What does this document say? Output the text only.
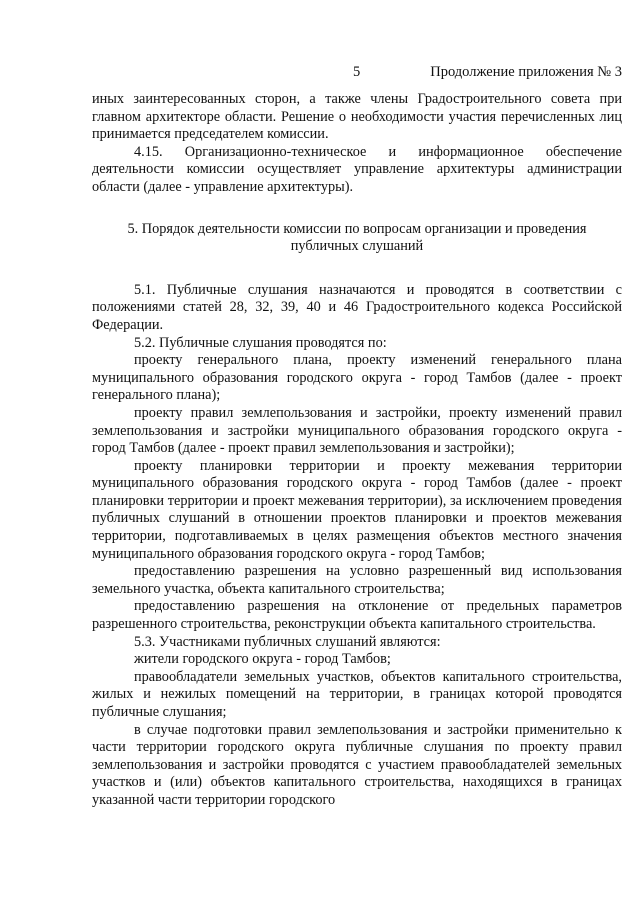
5	Продолжение приложения № 3

иных заинтересованных сторон, а также члены Градостроительного совета при главном архитекторе области. Решение о необходимости участия перечисленных лиц принимается председателем комиссии.

4.15. Организационно-техническое и информационное обеспечение деятельности комиссии осуществляет управление архитектуры администрации области (далее - управление архитектуры).

5. Порядок деятельности комиссии по вопросам организации и проведения публичных слушаний

5.1. Публичные слушания назначаются и проводятся в соответствии с положениями статей 28, 32, 39, 40 и 46 Градостроительного кодекса Российской Федерации.

5.2. Публичные слушания проводятся по:

проекту генерального плана, проекту изменений генерального плана муниципального образования городского округа - город Тамбов (далее - проект генерального плана);

проекту правил землепользования и застройки, проекту изменений правил землепользования и застройки муниципального образования городского округа - город Тамбов (далее - проект правил землепользования и застройки);

проекту планировки территории и проекту межевания территории муниципального образования городского округа - город Тамбов (далее - проект планировки территории и проект межевания территории), за исключением проведения публичных слушаний в отношении проектов планировки и проектов межевания территории, подготавливаемых в целях размещения объектов местного значения муниципального образования городского округа - город Тамбов;

предоставлению разрешения на условно разрешенный вид использования земельного участка, объекта капитального строительства;

предоставлению разрешения на отклонение от предельных параметров разрешенного строительства, реконструкции объекта капитального строительства.

5.3. Участниками публичных слушаний являются:

жители городского округа - город Тамбов;

правообладатели земельных участков, объектов капитального строительства, жилых и нежилых помещений на территории, в границах которой проводятся публичные слушания;

в случае подготовки правил землепользования и застройки применительно к части территории городского округа публичные слушания по проекту правил землепользования и застройки проводятся с участием правообладателей земельных участков и (или) объектов капитального строительства, находящихся в границах указанной части территории городского
